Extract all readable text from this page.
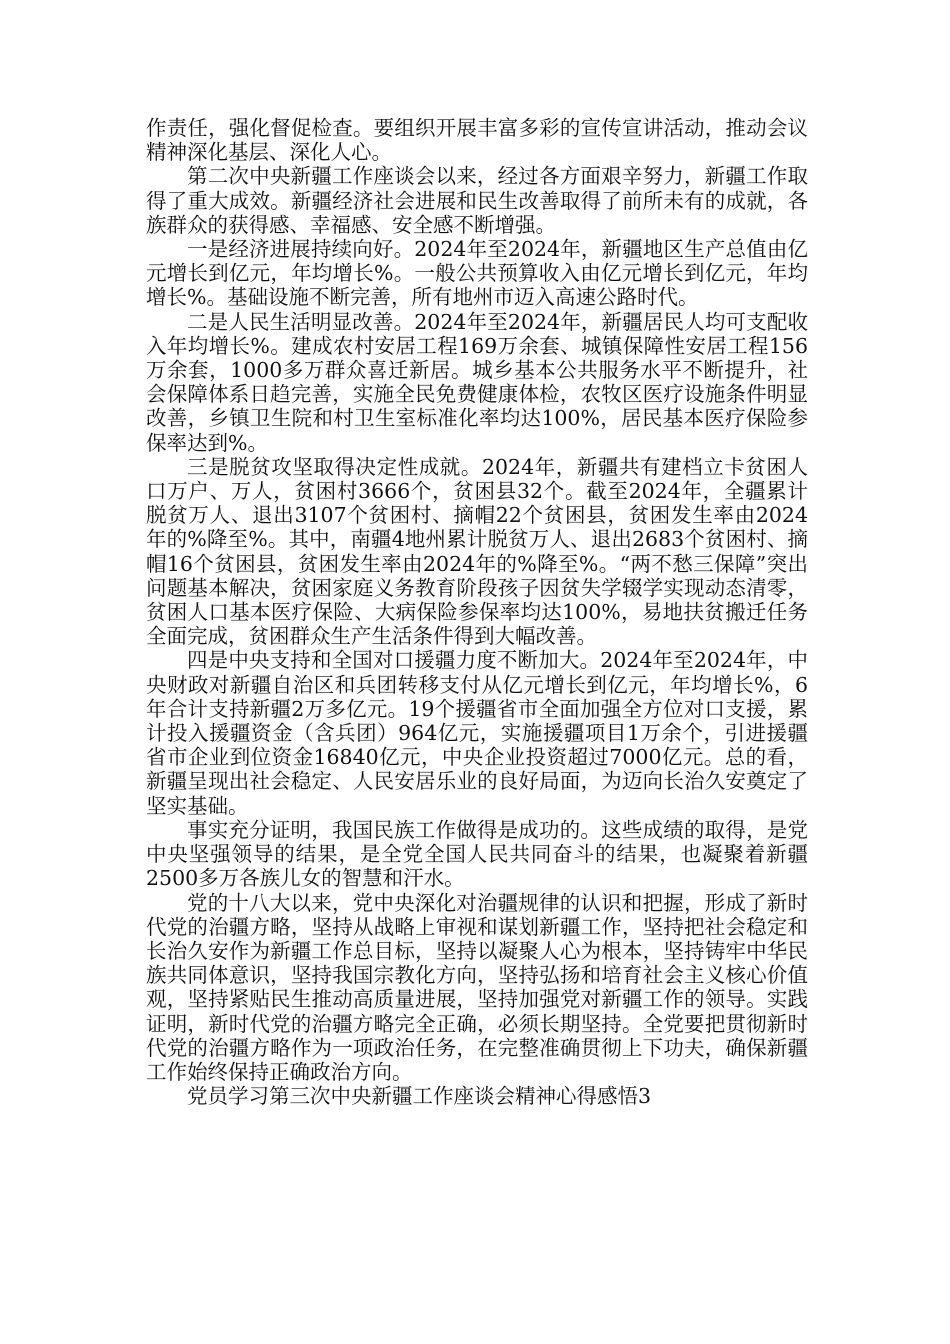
作责任，强化督促检查。要组织开展丰富多彩的宣传宣讲活动，推动会议精神深化基层、深化人心。

第二次中央新疆工作座谈会以来，经过各方面艰辛努力，新疆工作取得了重大成效。新疆经济社会进展和民生改善取得了前所未有的成就，各族群众的获得感、幸福感、安全感不断增强。

一是经济进展持续向好。2024年至2024年，新疆地区生产总值由亿元增长到亿元，年均增长%。一般公共预算收入由亿元增长到亿元，年均增长%。基础设施不断完善，所有地州市迈入高速公路时代。

二是人民生活明显改善。2024年至2024年，新疆居民人均可支配收入年均增长%。建成农村安居工程169万余套、城镇保障性安居工程156万余套，1000多万群众喜迁新居。城乡基本公共服务水平不断提升，社会保障体系日趋完善，实施全民免费健康体检，农牧区医疗设施条件明显改善，乡镇卫生院和村卫生室标准化率均达100%，居民基本医疗保险参保率达到%。

三是脱贫攻坚取得决定性成就。2024年，新疆共有建档立卡贫困人口万户、万人，贫困村3666个，贫困县32个。截至2024年，全疆累计脱贫万人、退出3107个贫困村、摘帽22个贫困县，贫困发生率由2024年的%降至%。其中，南疆4地州累计脱贫万人、退出2683个贫困村、摘帽16个贫困县，贫困发生率由2024年的%降至%。“两不愁三保障”突出问题基本解决，贫困家庭义务教育阶段孩子因贫失学辍学实现动态清零，贫困人口基本医疗保险、大病保险参保率均达100%，易地扶贫搬迁任务全面完成，贫困群众生产生活条件得到大幅改善。

四是中央支持和全国对口援疆力度不断加大。2024年至2024年，中央财政对新疆自治区和兵团转移支付从亿元增长到亿元，年均增长%，6年合计支持新疆2万多亿元。19个援疆省市全面加强全方位对口支援，累计投入援疆资金（含兵团）964亿元，实施援疆项目1万余个，引进援疆省市企业到位资金16840亿元，中央企业投资超过7000亿元。总的看，新疆呈现出社会稳定、人民安居乐业的良好局面，为迈向长治久安奠定了坚实基础。

事实充分证明，我国民族工作做得是成功的。这些成绩的取得，是党中央坚强领导的结果，是全党全国人民共同奋斗的结果，也凝聚着新疆2500多万各族儿女的智慧和汗水。

党的十八大以来，党中央深化对治疆规律的认识和把握，形成了新时代党的治疆方略，坚持从战略上审视和谋划新疆工作，坚持把社会稳定和长治久安作为新疆工作总目标，坚持以凝聚人心为根本，坚持铸牢中华民族共同体意识，坚持我国宗教化方向，坚持弘扬和培育社会主义核心价值观，坚持紧贴民生推动高质量进展，坚持加强党对新疆工作的领导。实践证明，新时代党的治疆方略完全正确，必须长期坚持。全党要把贯彻新时代党的治疆方略作为一项政治任务，在完整准确贯彻上下功夫，确保新疆工作始终保持正确政治方向。

党员学习第三次中央新疆工作座谈会精神心得感悟3
